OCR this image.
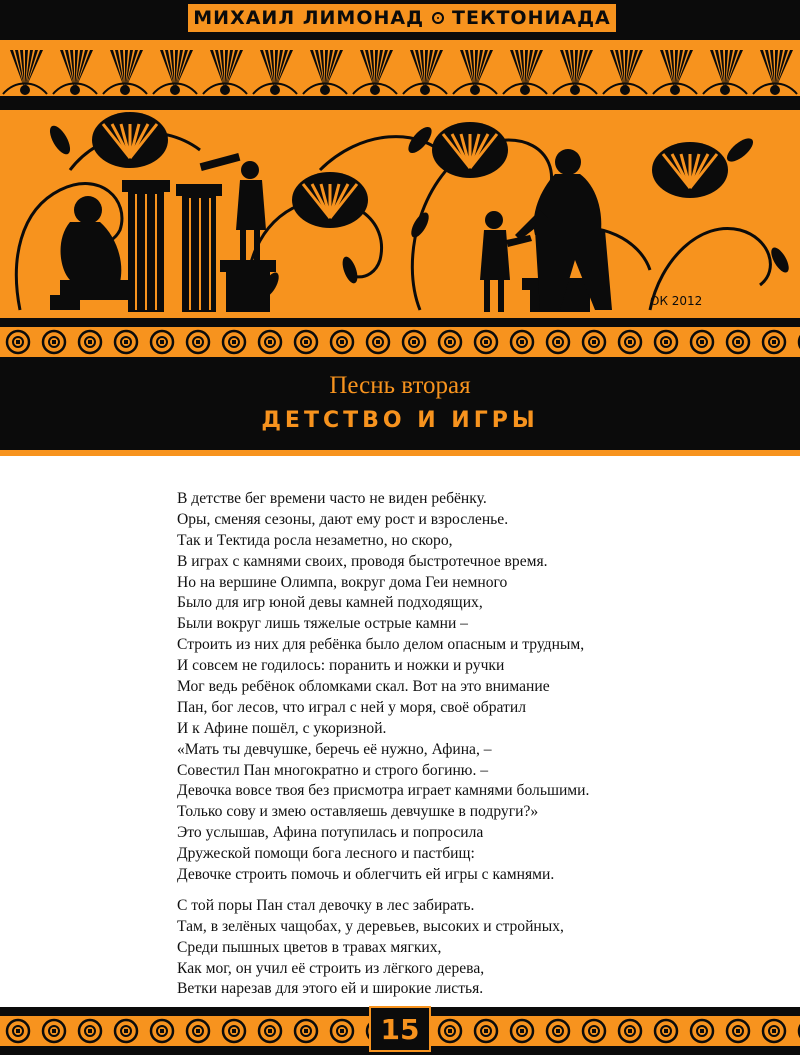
МИХАИЛ ЛИМОНАД ТЕКТОНИАДА
ОК 2012
Песнь вторая
ДЕТСТВО И ИГРЫ
В детстве бег времени часто не виден ребёнку.
Оры, сменяя сезоны, дают ему рост и взросленье.
Так и Тектида росла незаметно, но скоро,
В играх с камнями своих, проводя быстротечное время.
Но на вершине Олимпа, вокруг дома Геи немного
Было для игр юной девы камней подходящих,
Были вокруг лишь тяжелые острые камни –
Строить из них для ребёнка было делом опасным и трудным,
И совсем не годилось: поранить и ножки и ручки
Мог ведь ребёнок обломками скал. Вот на это внимание
Пан, бог лесов, что играл с ней у моря, своё обратил
И к Афине пошёл, с укоризной.
«Мать ты девчушке, беречь её нужно, Афина, –
Совестил Пан многократно и строго богиню. –
Девочка вовсе твоя без присмотра играет камнями большими.
Только сову и змею оставляешь девчушке в подруги?»
Это услышав, Афина потупилась и попросила
Дружеской помощи бога лесного и пастбищ:
Девочке строить помочь и облегчить ей игры с камнями.
С той поры Пан стал девочку в лес забирать.
Там, в зелёных чащобах, у деревьев, высоких и стройных,
Среди пышных цветов в травах мягких,
Как мог, он учил её строить из лёгкого дерева,
Ветки нарезав для этого ей и широкие листья.
15
